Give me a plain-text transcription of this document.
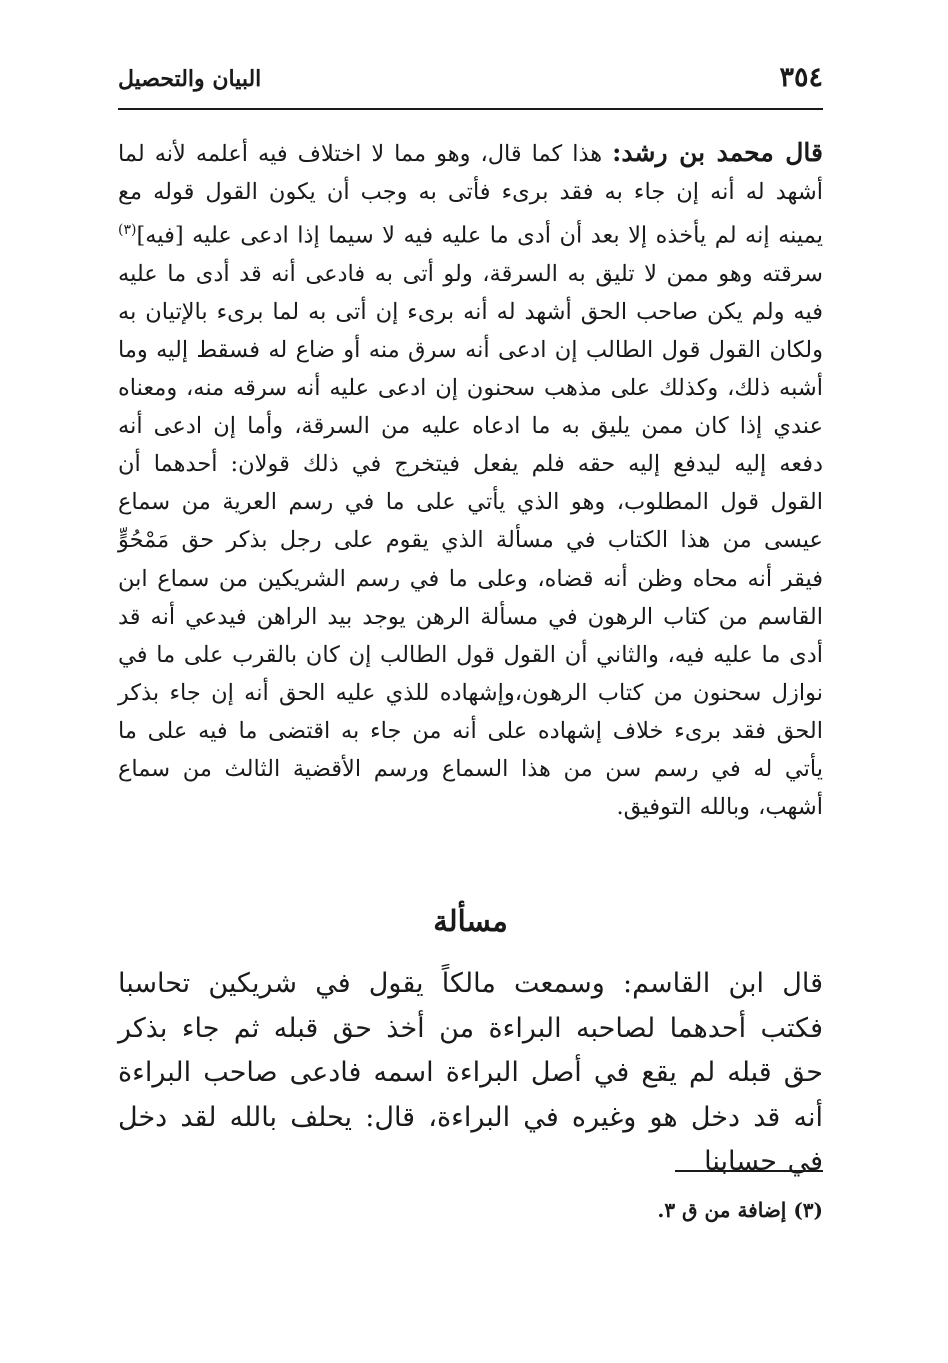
٣٥٤
البيان والتحصيل

قال محمد بن رشد: هذا كما قال، وهو مما لا اختلاف فيه أعلمه لأنه لما أشهد له أنه إن جاء به فقد برىء فأتى به وجب أن يكون القول قوله مع يمينه إنه لم يأخذه إلا بعد أن أدى ما عليه فيه لا سيما إذا ادعى عليه [فيه]$^{(٣)}$ سرقته وهو ممن لا تليق به السرقة، ولو أتى به فادعى أنه قد أدى ما عليه فيه ولم يكن صاحب الحق أشهد له أنه برىء إن أتى به لما برىء بالإتيان به ولكان القول قول الطالب إن ادعى أنه سرق منه أو ضاع له فسقط إليه وما أشبه ذلك، وكذلك على مذهب سحنون إن ادعى عليه أنه سرقه منه، ومعناه عندي إذا كان ممن يليق به ما ادعاه عليه من السرقة، وأما إن ادعى أنه دفعه إليه ليدفع إليه حقه فلم يفعل فيتخرج في ذلك قولان: أحدهما أن القول قول المطلوب، وهو الذي يأتي على ما في رسم العرية من سماع عيسى من هذا الكتاب في مسألة الذي يقوم على رجل بذكر حق مَمْحُوٍّ فيقر أنه محاه وظن أنه قضاه، وعلى ما في رسم الشريكين من سماع ابن القاسم من كتاب الرهون في مسألة الرهن يوجد بيد الراهن فيدعي أنه قد أدى ما عليه فيه، والثاني أن القول قول الطالب إن كان بالقرب على ما في نوازل سحنون من كتاب الرهون،وإشهاده للذي عليه الحق أنه إن جاء بذكر الحق فقد برىء خلاف إشهاده على أنه من جاء به اقتضى ما فيه على ما يأتي له في رسم سن من هذا السماع ورسم الأقضية الثالث من سماع أشهب، وبالله التوفيق.

مسألة

قال ابن القاسم: وسمعت مالكاً يقول في شريكين تحاسبا فكتب أحدهما لصاحبه البراءة من أخذ حق قبله ثم جاء بذكر حق قبله لم يقع في أصل البراءة اسمه فادعى صاحب البراءة أنه قد دخل هو وغيره في البراءة، قال: يحلف بالله لقد دخل في حسابنا

(٣) إضافة من ق ٣.
